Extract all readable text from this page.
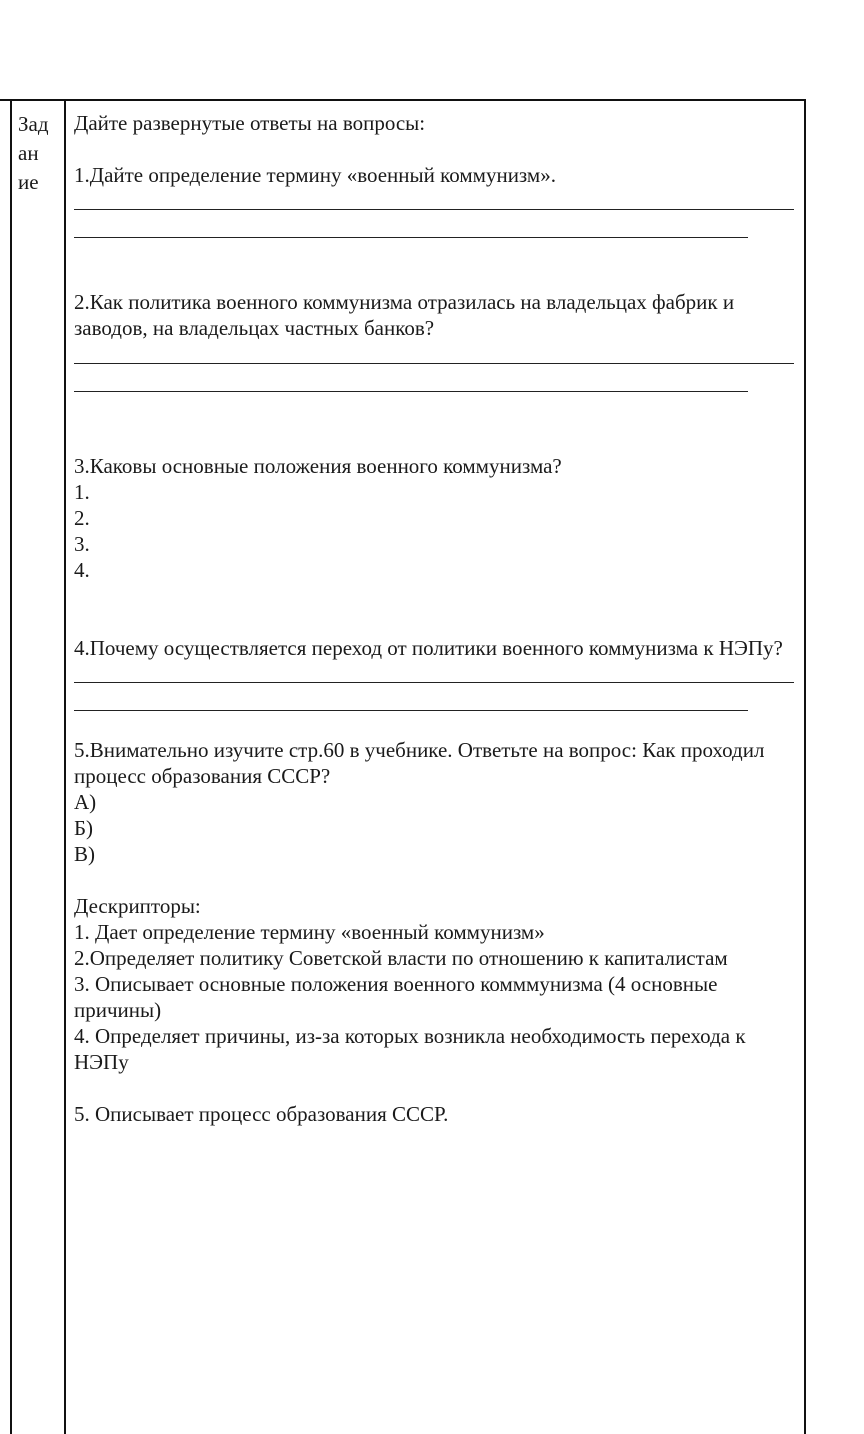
Зад
ан
ие

Дайте развернутые ответы на вопросы:

1.Дайте определение термину «военный коммунизм».

2.Как политика военного коммунизма отразилась на владельцах фабрик и заводов, на владельцах частных банков?

3.Каковы основные положения военного коммунизма?

1.
2.
3.
4.

4.Почему осуществляется переход от политики военного коммунизма к НЭПу?

5.Внимательно изучите стр.60 в учебнике. Ответьте на вопрос: Как проходил процесс образования СССР?

А)
Б)
В)

Дескрипторы:

1. Дает определение термину «военный коммунизм»
2.Определяет политику Советской власти по отношению к капиталистам
3. Описывает основные положения военного комммунизма (4 основные причины)
4. Определяет причины, из-за которых возникла необходимость перехода к НЭПу
5. Описывает процесс образования СССР.
